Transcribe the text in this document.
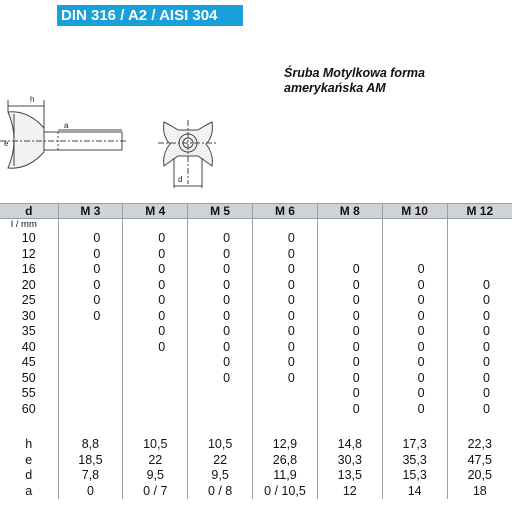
DIN 316 / A2 / AISI 304
Śruba Motylkowa forma
amerykańska AM
h
e
a
d
d	M 3	M 4	M 5	M 6	M 8	M 10	M 12
l / mm							
10	0	0	0	0			
12	0	0	0	0			
16	0	0	0	0	0	0	
20	0	0	0	0	0	0	0
25	0	0	0	0	0	0	0
30	0	0	0	0	0	0	0
35		0	0	0	0	0	0
40		0	0	0	0	0	0
45			0	0	0	0	0
50			0	0	0	0	0
55					0	0	0
60					0	0	0

h	8,8	10,5	10,5	12,9	14,8	17,3	22,3
e	18,5	22	22	26,8	30,3	35,3	47,5
d	7,8	9,5	9,5	11,9	13,5	15,3	20,5
a	0	0 / 7	0 / 8	0 / 10,5	12	14	18
